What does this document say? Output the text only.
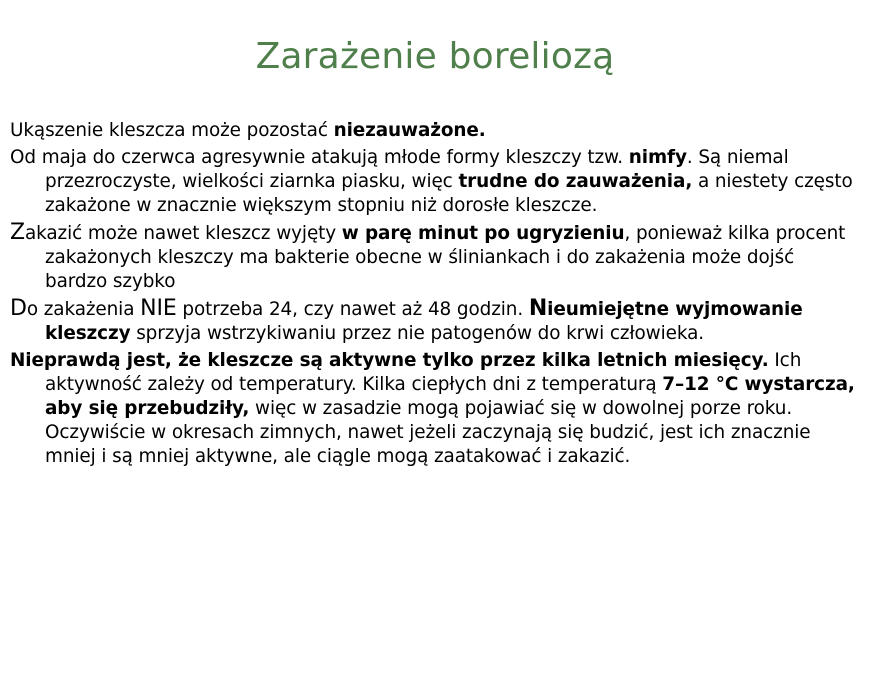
Zarażenie boreliozą

Ukąszenie kleszcza może pozostać niezauważone.

Od maja do czerwca agresywnie atakują młode formy kleszczy tzw. nimfy. Są niemal przezroczyste, wielkości ziarnka piasku, więc trudne do zauważenia, a niestety często zakażone w znacznie większym stopniu niż dorosłe kleszcze.

Zakazić może nawet kleszcz wyjęty w parę minut po ugryzieniu, ponieważ kilka procent zakażonych kleszczy ma bakterie obecne w śliniankach i do zakażenia może dojść bardzo szybko

Do zakażenia NIE potrzeba 24, czy nawet aż 48 godzin. Nieumiejętne wyjmowanie kleszczy sprzyja wstrzykiwaniu przez nie patogenów do krwi człowieka.

Nieprawdą jest, że kleszcze są aktywne tylko przez kilka letnich miesięcy. Ich aktywność zależy od temperatury. Kilka ciepłych dni z temperaturą 7–12 °C wystarcza, aby się przebudziły, więc w zasadzie mogą pojawiać się w dowolnej porze roku. Oczywiście w okresach zimnych, nawet jeżeli zaczynają się budzić, jest ich znacznie mniej i są mniej aktywne, ale ciągle mogą zaatakować i zakazić.
